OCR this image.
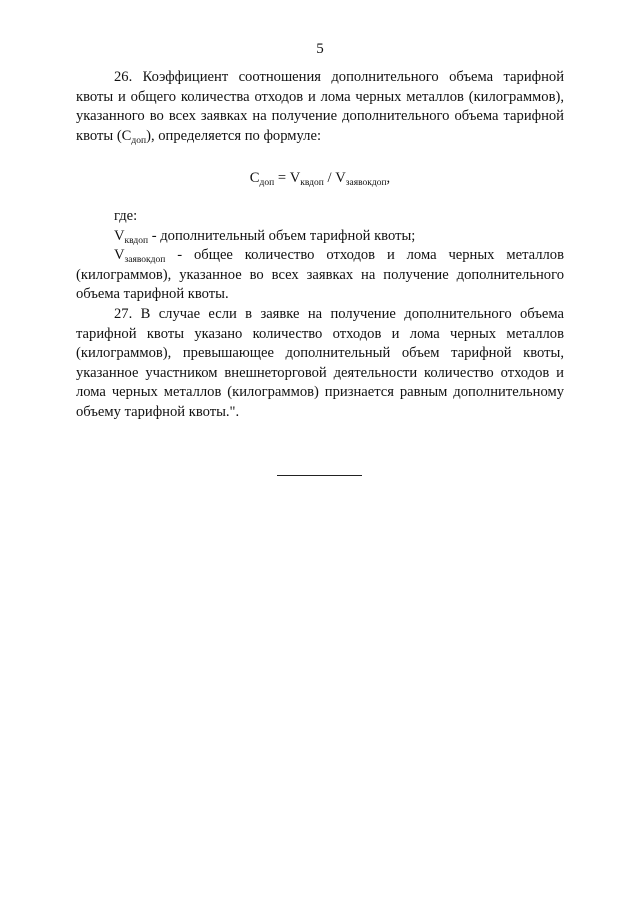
5

26. Коэффициент соотношения дополнительного объема тарифной квоты и общего количества отходов и лома черных металлов (килограммов), указанного во всех заявках на получение дополнительного объема тарифной квоты $(С_{доп})$, определяется по формуле:

$С_{доп} = V_{квдоп} / V_{заявокдоп}$,

где:

$V_{квдоп}$ - дополнительный объем тарифной квоты;

$V_{заявокдоп}$ - общее количество отходов и лома черных металлов (килограммов), указанное во всех заявках на получение дополнительного объема тарифной квоты.

27. В случае если в заявке на получение дополнительного объема тарифной квоты указано количество отходов и лома черных металлов (килограммов), превышающее дополнительный объем тарифной квоты, указанное участником внешнеторговой деятельности количество отходов и лома черных металлов (килограммов) признается равным дополнительному объему тарифной квоты.".
